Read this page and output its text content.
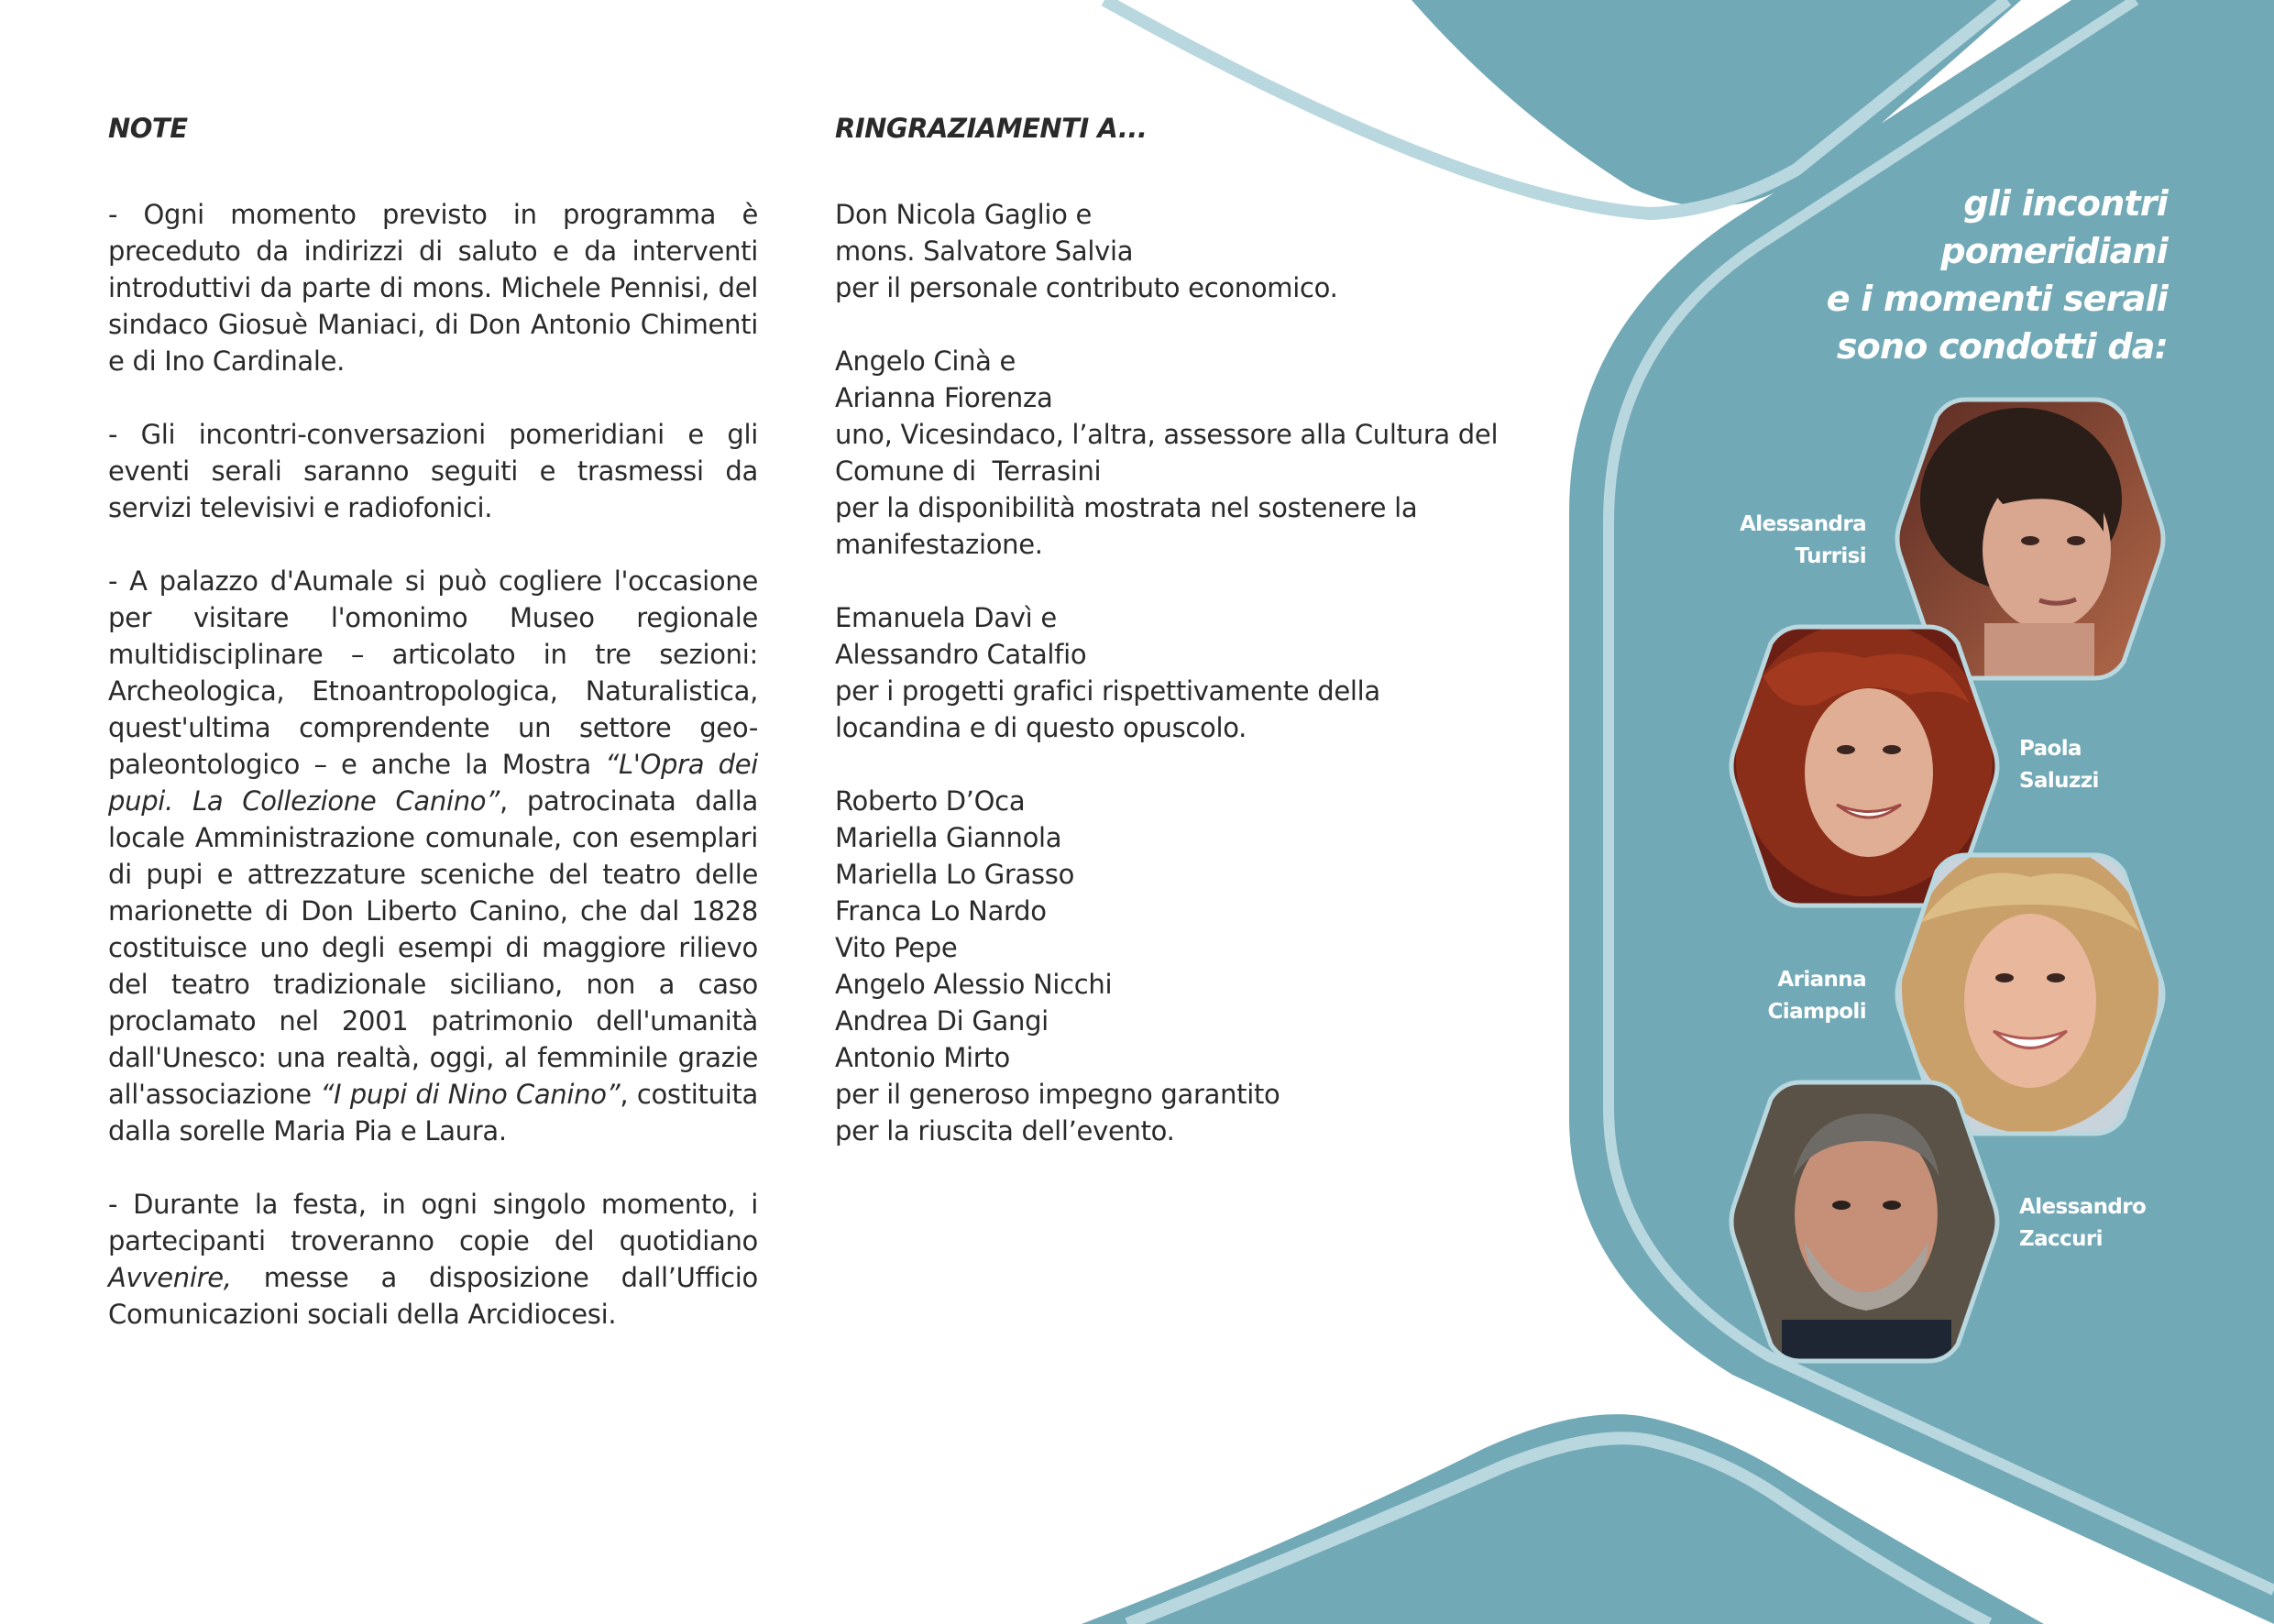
NOTE

- Ogni momento previsto in programma è preceduto da indirizzi di saluto e da interventi introduttivi da parte di mons. Michele Pennisi, del sindaco Giosuè Maniaci, di Don Antonio Chimenti e di Ino Cardinale.

- Gli incontri-conversazioni pomeridiani e gli eventi serali saranno seguiti e trasmessi da servizi televisivi e radiofonici.

- A palazzo d'Aumale si può cogliere l'occasione per visitare l'omonimo Museo regionale multidisciplinare – articolato in tre sezioni: Archeologica, Etnoantropologica, Naturalistica, quest'ultima comprendente un settore geo-paleontologico – e anche la Mostra “L'Opra dei pupi. La Collezione Canino”, patrocinata dalla locale Amministrazione comunale, con esemplari di pupi e attrezzature sceniche del teatro delle marionette di Don Liberto Canino, che dal 1828 costituisce uno degli esempi di maggiore rilievo del teatro tradizionale siciliano, non a caso proclamato nel 2001 patrimonio dell'umanità dall'Unesco: una realtà, oggi, al femminile grazie all'associazione “I pupi di Nino Canino”, costituita dalla sorelle Maria Pia e Laura.

- Durante la festa, in ogni singolo momento, i partecipanti troveranno copie del quotidiano Avvenire, messe a disposizione dall’Ufficio Comunicazioni sociali della Arcidiocesi.

RINGRAZIAMENTI A...
Don Nicola Gaglio e
mons. Salvatore Salvia
per il personale contributo economico.
Angelo Cinà e
Arianna Fiorenza
uno, Vicesindaco, l’altra, assessore alla Cultura del
Comune di  Terrasini
per la disponibilità mostrata nel sostenere la
manifestazione.
Emanuela Davì e
Alessandro Catalfio
per i progetti grafici rispettivamente della
locandina e di questo opuscolo.
Roberto D’Oca
Mariella Giannola
Mariella Lo Grasso
Franca Lo Nardo
Vito Pepe
Angelo Alessio Nicchi
Andrea Di Gangi
Antonio Mirto
per il generoso impegno garantito
per la riuscita dell’evento.
gli incontri
pomeridiani
e i momenti serali
sono condotti da:
Alessandra
Turrisi
Paola
Saluzzi
Arianna
Ciampoli
Alessandro
Zaccuri
